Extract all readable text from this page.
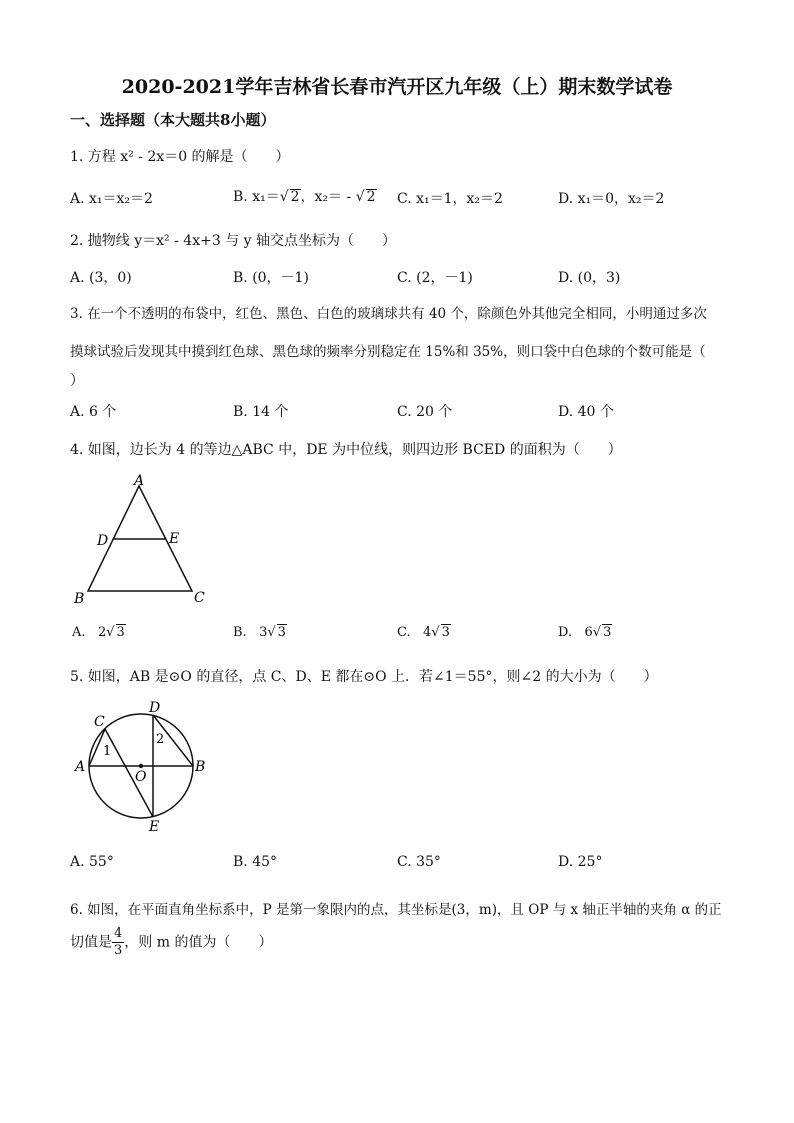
2020-2021学年吉林省长春市汽开区九年级（上）期末数学试卷
一、选择题（本大题共8小题）
1. 方程 x² - 2x＝0 的解是（　　）
A. x₁＝x₂＝2	B. x₁＝√ 2，x₂＝ - √ 2 C. x₁＝1，x₂＝2	D. x₁＝0，x₂＝2
2. 抛物线 y＝x² - 4x+3 与 y 轴交点坐标为（　　）
A. (3，0)	B. (0，－1)	C. (2，－1)	D. (0，3)
3. 在一个不透明的布袋中，红色、黑色、白色的玻璃球共有 40 个，除颜色外其他完全相同，小明通过多次
摸球试验后发现其中摸到红色球、黑色球的频率分别稳定在 15%和 35%，则口袋中白色球的个数可能是（
）
A. 6 个	B. 14 个	C. 20 个	D. 40 个
4. 如图，边长为 4 的等边△ABC 中，DE 为中位线，则四边形 BCED 的面积为（　　）
A
D	E
B	C
A. 2√ 3	B. 3√ 3	C. 4√ 3	D. 6√ 3
5. 如图，AB 是⊙O 的直径，点 C、D、E 都在⊙O 上．若∠1＝55°，则∠2 的大小为（　　）
C
D
A	B
O
E
1
2
A. 55°	B. 45°	C. 35°	D. 25°
6. 如图，在平面直角坐标系中，P 是第一象限内的点，其坐标是(3，m)，且 OP 与 x 轴正半轴的夹角 α 的正
切值是 $\frac{4}{3}$ ，则 m 的值为（　　）
